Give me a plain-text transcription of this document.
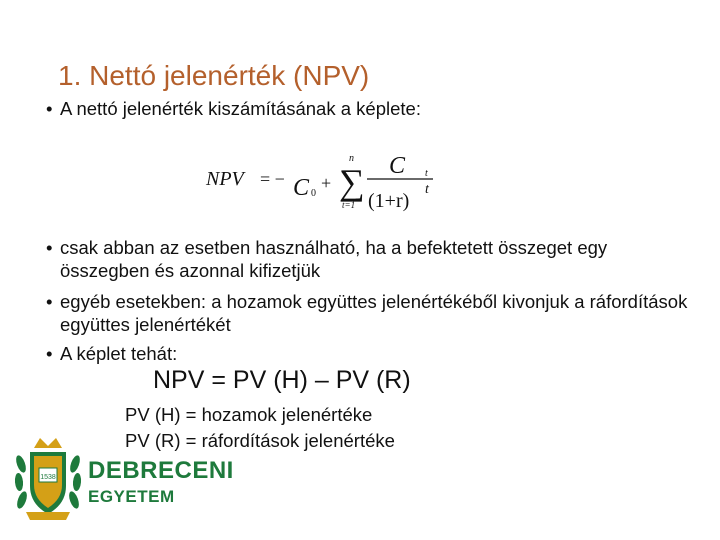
1. Nettó jelenérték (NPV)
• A nettó jelenérték kiszámításának a képlete:
NPV = − C 0
+
n
∑
t=1
C t
(1+r)
t
• csak abban az esetben használható, ha a befektetett összeget egy összegben és azonnal kifizetjük
• egyéb esetekben: a hozamok együttes jelenértékéből kivonjuk a ráfordítások együttes jelenértékét
• A képlet tehát:
NPV = PV (H) – PV (R)
PV (H) = hozamok jelenértéke
PV (R) = ráfordítások jelenértéke
1538 DEBRECENI
EGYETEM
